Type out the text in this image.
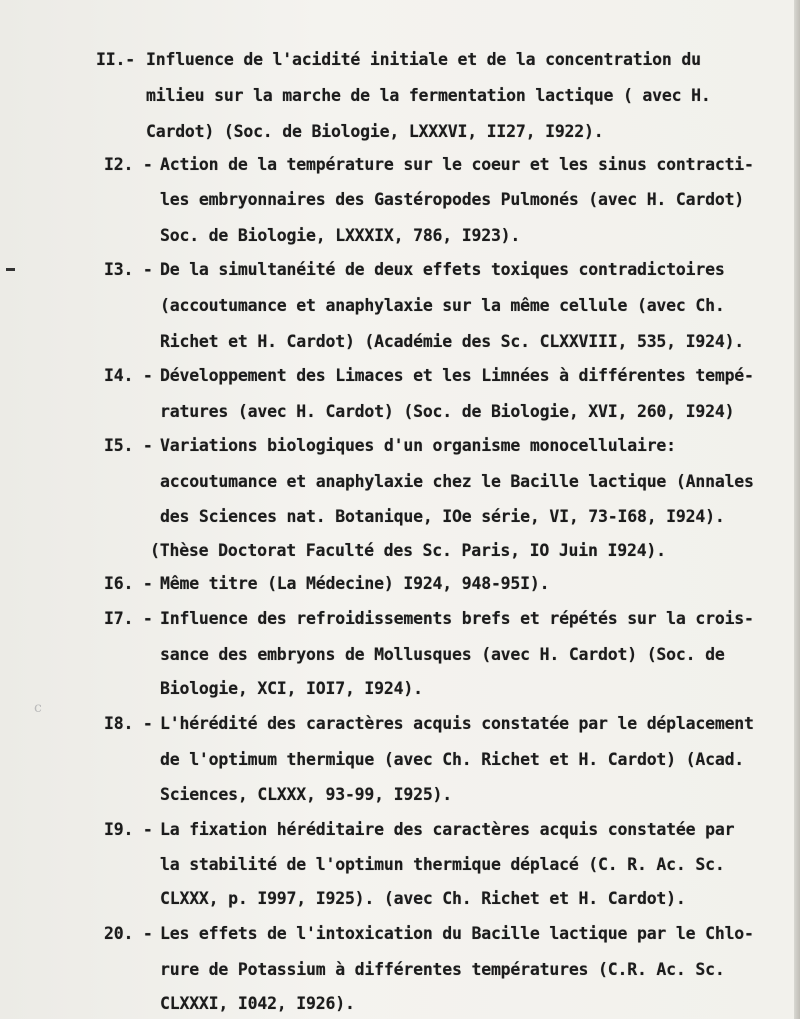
c
II.- Influence de l'acidité initiale et de la concentration du
milieu sur la marche de la fermentation lactique ( avec H.
Cardot) (Soc. de Biologie, LXXXVI, II27, I922).
I2. - Action de la température sur le coeur et les sinus contracti-
les embryonnaires des Gastéropodes Pulmonés (avec H. Cardot)
Soc. de Biologie, LXXXIX, 786, I923).
I3. - De la simultanéité de deux effets toxiques contradictoires
(accoutumance et anaphylaxie sur la même cellule (avec Ch.
Richet et H. Cardot) (Académie des Sc. CLXXVIII, 535, I924).
I4. - Développement des Limaces et les Limnées à différentes tempé-
ratures (avec H. Cardot) (Soc. de Biologie, XVI, 260, I924)
I5. - Variations biologiques d'un organisme monocellulaire:
accoutumance et anaphylaxie chez le Bacille lactique (Annales
des Sciences nat. Botanique, IOe série, VI, 73-I68, I924).
(Thèse Doctorat Faculté des Sc. Paris, IO Juin I924).
I6. - Même titre (La Médecine) I924, 948-95I).
I7. - Influence des refroidissements brefs et répétés sur la crois-
sance des embryons de Mollusques (avec H. Cardot) (Soc. de
Biologie, XCI, IOI7, I924).
I8. - L'hérédité des caractères acquis constatée par le déplacement
de l'optimum thermique (avec Ch. Richet et H. Cardot) (Acad.
Sciences, CLXXX, 93-99, I925).
I9. - La fixation héréditaire des caractères acquis constatée par
la stabilité de l'optimun thermique déplacé (C. R. Ac. Sc.
CLXXX, p. I997, I925). (avec Ch. Richet et H. Cardot).
20. - Les effets de l'intoxication du Bacille lactique par le Chlo-
rure de Potassium à différentes températures (C.R. Ac. Sc.
CLXXXI, I042, I926).
